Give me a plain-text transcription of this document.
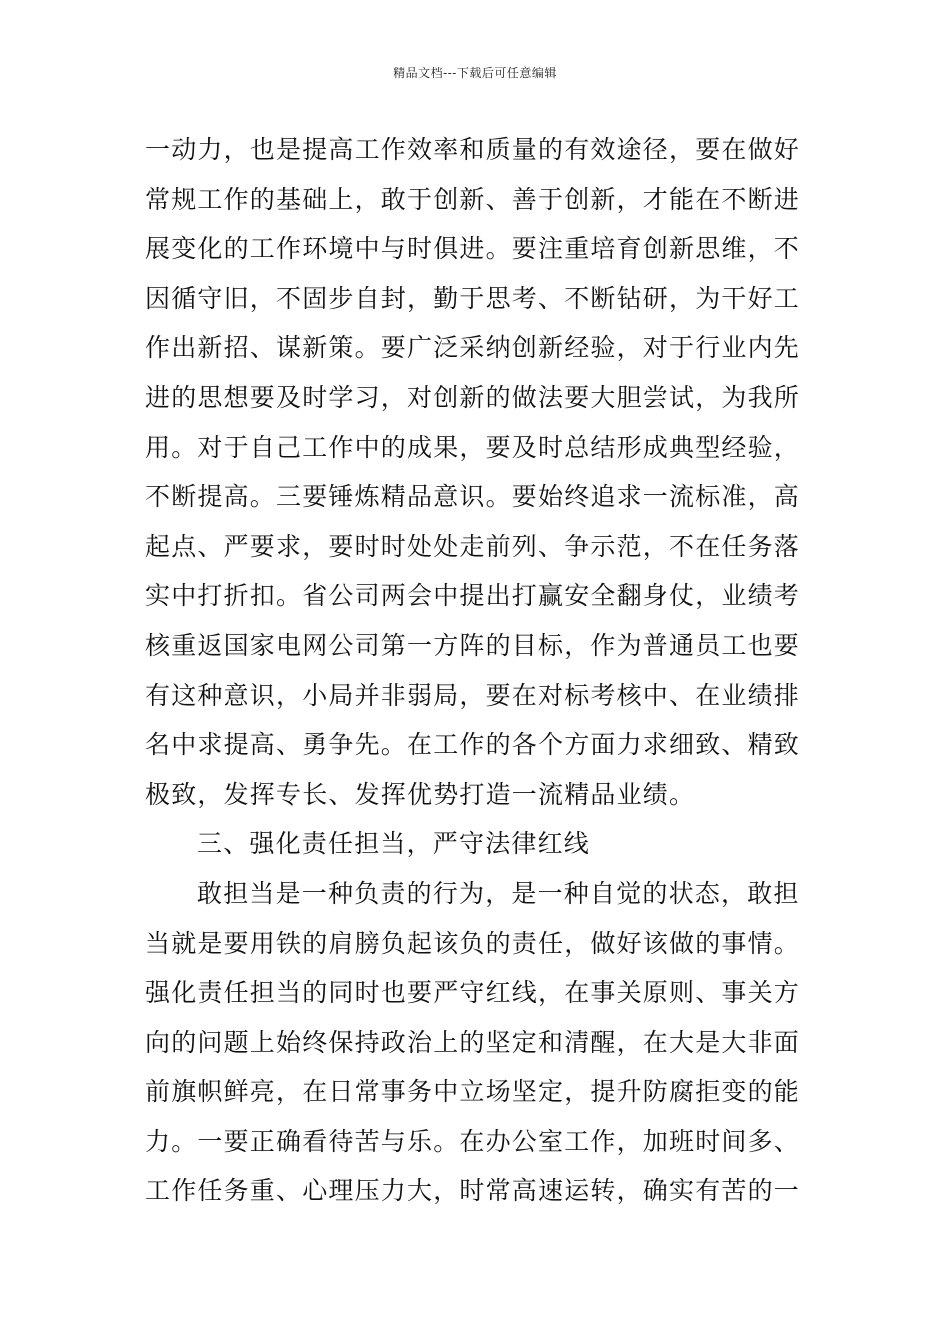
精品文档---下载后可任意编辑
一动力，也是提高工作效率和质量的有效途径，要在做好
常规工作的基础上，敢于创新、善于创新，才能在不断进
展变化的工作环境中与时俱进。要注重培育创新思维，不
因循守旧，不固步自封，勤于思考、不断钻研，为干好工
作出新招、谋新策。要广泛采纳创新经验，对于行业内先
进的思想要及时学习，对创新的做法要大胆尝试，为我所
用。对于自己工作中的成果，要及时总结形成典型经验，
不断提高。三要锤炼精品意识。要始终追求一流标准，高
起点、严要求，要时时处处走前列、争示范，不在任务落
实中打折扣。省公司两会中提出打赢安全翻身仗，业绩考
核重返国家电网公司第一方阵的目标，作为普通员工也要
有这种意识，小局并非弱局，要在对标考核中、在业绩排
名中求提高、勇争先。在工作的各个方面力求细致、精致
极致，发挥专长、发挥优势打造一流精品业绩。
三、强化责任担当，严守法律红线
敢担当是一种负责的行为，是一种自觉的状态，敢担
当就是要用铁的肩膀负起该负的责任，做好该做的事情。
强化责任担当的同时也要严守红线，在事关原则、事关方
向的问题上始终保持政治上的坚定和清醒，在大是大非面
前旗帜鲜亮，在日常事务中立场坚定，提升防腐拒变的能
力。一要正确看待苦与乐。在办公室工作，加班时间多、
工作任务重、心理压力大，时常高速运转，确实有苦的一
